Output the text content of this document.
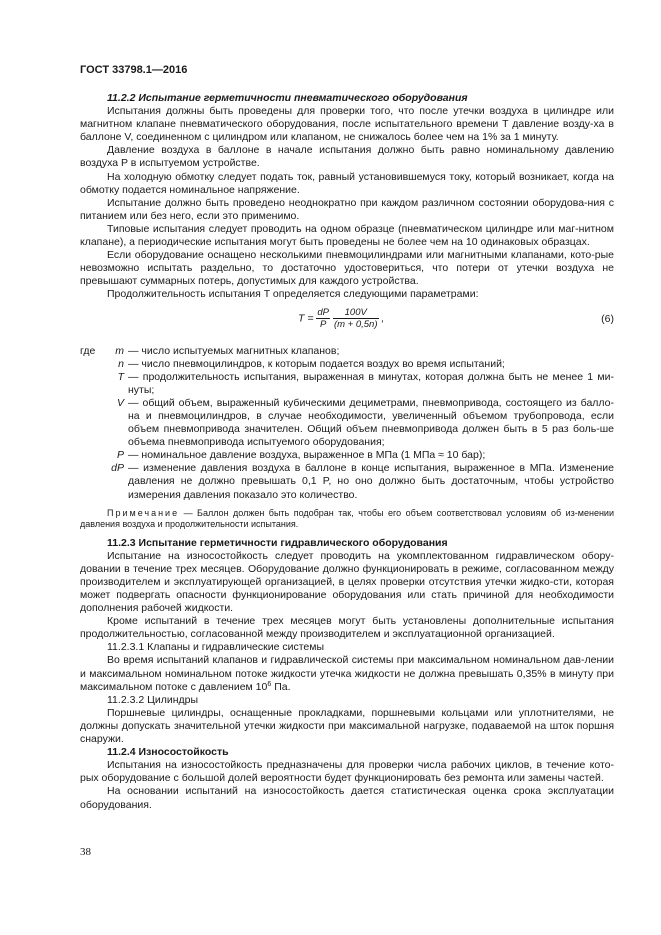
ГОСТ 33798.1—2016

11.2.2 Испытание герметичности пневматического оборудования

Испытания должны быть проведены для проверки того, что после утечки воздуха в цилиндре или магнитном клапане пневматического оборудования, после испытательного времени T давление возду-ха в баллоне V, соединенном с цилиндром или клапаном, не снижалось более чем на 1% за 1 минуту.

Давление воздуха в баллоне в начале испытания должно быть равно номинальному давлению воздуха P в испытуемом устройстве.

На холодную обмотку следует подать ток, равный установившемуся току, который возникает, когда на обмотку подается номинальное напряжение.

Испытание должно быть проведено неоднократно при каждом различном состоянии оборудова-ния с питанием или без него, если это применимо.

Типовые испытания следует проводить на одном образце (пневматическом цилиндре или маг-нитном клапане), а периодические испытания могут быть проведены не более чем на 10 одинаковых образцах.

Если оборудование оснащено несколькими пневмоцилиндрами или магнитными клапанами, кото-рые невозможно испытать раздельно, то достаточно удостовериться, что потери от утечки воздуха не превышают суммарных потерь, допустимых для каждого устройства.

Продолжительность испытания T определяется следующими параметрами:

$T = \frac{dP}{P}$
$\frac{100V}{(m + 0,5n)}$ ,	(6)
где	m — число испытуемых магнитных клапанов;
n — число пневмоцилиндров, к которым подается воздух во время испытаний;
T — продолжительность испытания, выраженная в минутах, которая должна быть не менее 1 ми-нуты;
V — общий объем, выраженный кубическими дециметрами, пневмопривода, состоящего из балло-на и пневмоцилиндров, в случае необходимости, увеличенный объемом трубопровода, если объем пневмопривода значителен. Общий объем пневмопривода должен быть в 5 раз боль-ше объема пневмопривода испытуемого оборудования;
P — номинальное давление воздуха, выраженное в МПа (1 МПа ≈ 10 бар);
dP — изменение давления воздуха в баллоне в конце испытания, выраженное в МПа. Изменение давления не должно превышать 0,1 P, но оно должно быть достаточным, чтобы устройство измерения давления показало это количество.

Примечание — Баллон должен быть подобран так, чтобы его объем соответствовал условиям об из-менении давления воздуха и продолжительности испытания.

11.2.3 Испытание герметичности гидравлического оборудования

Испытание на износостойкость следует проводить на укомплектованном гидравлическом обору-довании в течение трех месяцев. Оборудование должно функционировать в режиме, согласованном между производителем и эксплуатирующей организацией, в целях проверки отсутствия утечки жидко-сти, которая может подвергать опасности функционирование оборудования или стать причиной для необходимости дополнения рабочей жидкости.

Кроме испытаний в течение трех месяцев могут быть установлены дополнительные испытания продолжительностью, согласованной между производителем и эксплуатационной организацией.

11.2.3.1 Клапаны и гидравлические системы

Во время испытаний клапанов и гидравлической системы при максимальном номинальном дав-лении и максимальном номинальном потоке жидкости утечка жидкости не должна превышать 0,35% в минуту при максимальном потоке с давлением $10^6$ Па.

11.2.3.2 Цилиндры

Поршневые цилиндры, оснащенные прокладками, поршневыми кольцами или уплотнителями, не должны допускать значительной утечки жидкости при максимальной нагрузке, подаваемой на шток поршня снаружи.

11.2.4 Износостойкость

Испытания на износостойкость предназначены для проверки числа рабочих циклов, в течение кото-рых оборудование с большой долей вероятности будет функционировать без ремонта или замены частей.

На основании испытаний на износостойкость дается статистическая оценка срока эксплуатации оборудования.

38
